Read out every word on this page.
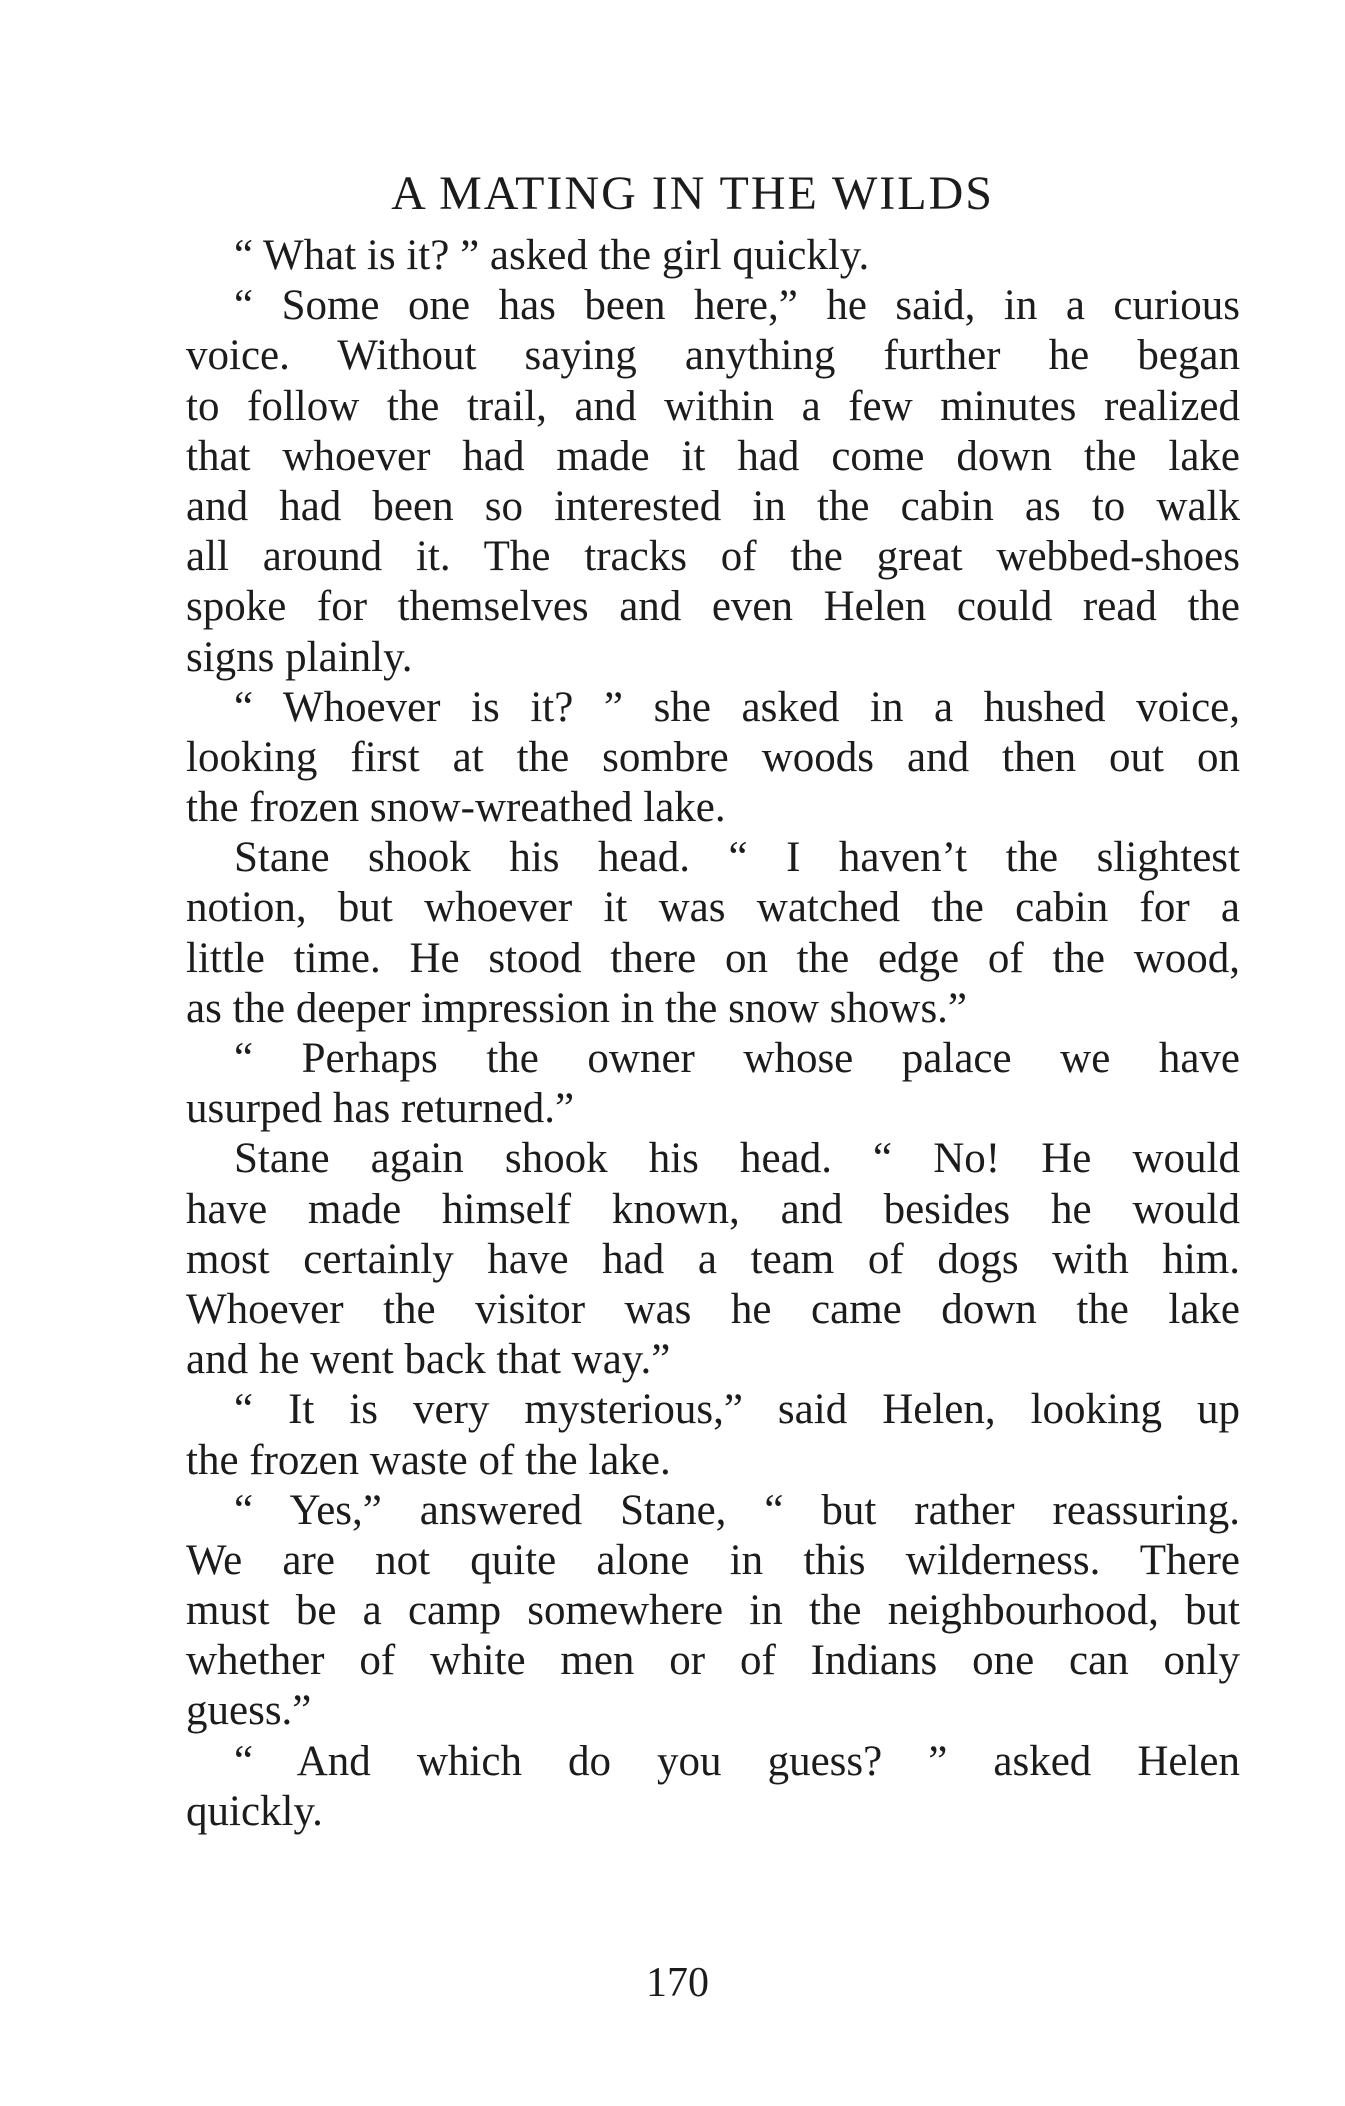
A MATING IN THE WILDS
“ What is it? ” asked the girl quickly.
“ Some one has been here,” he said, in a curious
voice. Without saying anything further he began
to follow the trail, and within a few minutes realized
that whoever had made it had come down the lake
and had been so interested in the cabin as to walk
all around it. The tracks of the great webbed-shoes
spoke for themselves and even Helen could read the
signs plainly.
“ Whoever is it? ” she asked in a hushed voice,
looking first at the sombre woods and then out on
the frozen snow-wreathed lake.
Stane shook his head. “ I haven’t the slightest
notion, but whoever it was watched the cabin for a
little time. He stood there on the edge of the wood,
as the deeper impression in the snow shows.”
“ Perhaps the owner whose palace we have
usurped has returned.”
Stane again shook his head. “ No! He would
have made himself known, and besides he would
most certainly have had a team of dogs with him.
Whoever the visitor was he came down the lake
and he went back that way.”
“ It is very mysterious,” said Helen, looking up
the frozen waste of the lake.
“ Yes,” answered Stane, “ but rather reassuring.
We are not quite alone in this wilderness. There
must be a camp somewhere in the neighbourhood, but
whether of white men or of Indians one can only
guess.”
“ And which do you guess? ” asked Helen
quickly.
170
